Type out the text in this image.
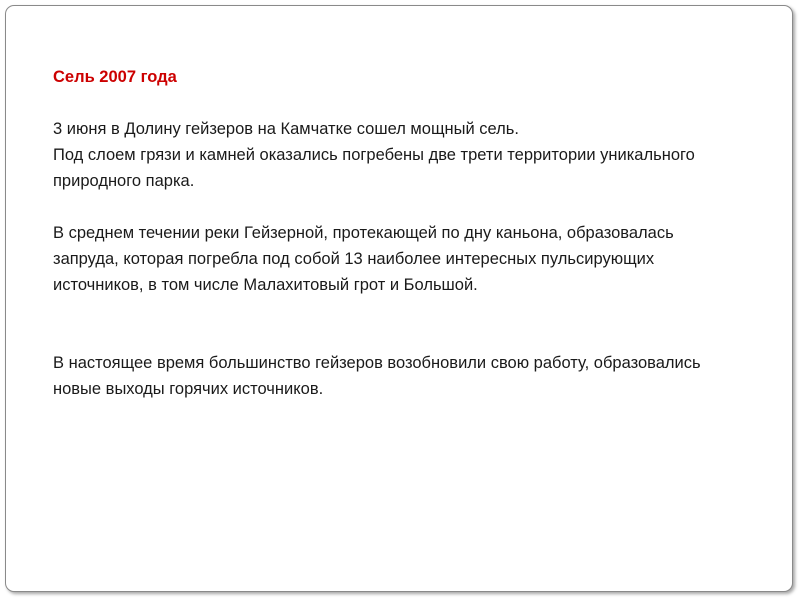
Сель 2007 года

3 июня в Долину гейзеров на Камчатке сошел мощный сель.
Под слоем грязи и камней оказались погребены две трети территории уникального природного парка.

В среднем течении реки Гейзерной, протекающей по дну каньона, образовалась запруда, которая погребла под собой 13 наиболее интересных пульсирующих источников, в том числе Малахитовый грот и Большой.

В настоящее время большинство гейзеров возобновили свою работу, образовались новые выходы горячих источников.
